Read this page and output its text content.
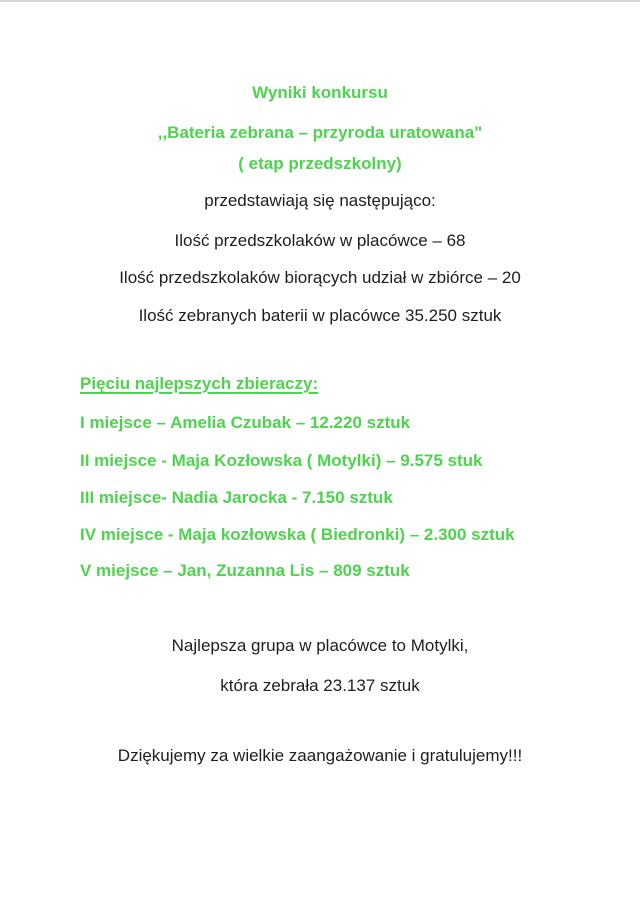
Wyniki konkursu
,,Bateria zebrana – przyroda uratowana"
( etap przedszkolny)
przedstawiają się następująco:
Ilość przedszkolaków w placówce – 68
Ilość przedszkolaków biorących udział w zbiórce – 20
Ilość zebranych baterii w placówce 35.250 sztuk
Pięciu najlepszych zbieraczy:
I miejsce – Amelia Czubak – 12.220 sztuk
II miejsce - Maja Kozłowska ( Motylki) – 9.575 stuk
III miejsce- Nadia Jarocka - 7.150 sztuk
IV miejsce - Maja kozłowska ( Biedronki) – 2.300 sztuk
V miejsce – Jan, Zuzanna Lis – 809 sztuk
Najlepsza grupa w placówce to Motylki,
która zebrała 23.137 sztuk
Dziękujemy za wielkie zaangażowanie i gratulujemy!!!
